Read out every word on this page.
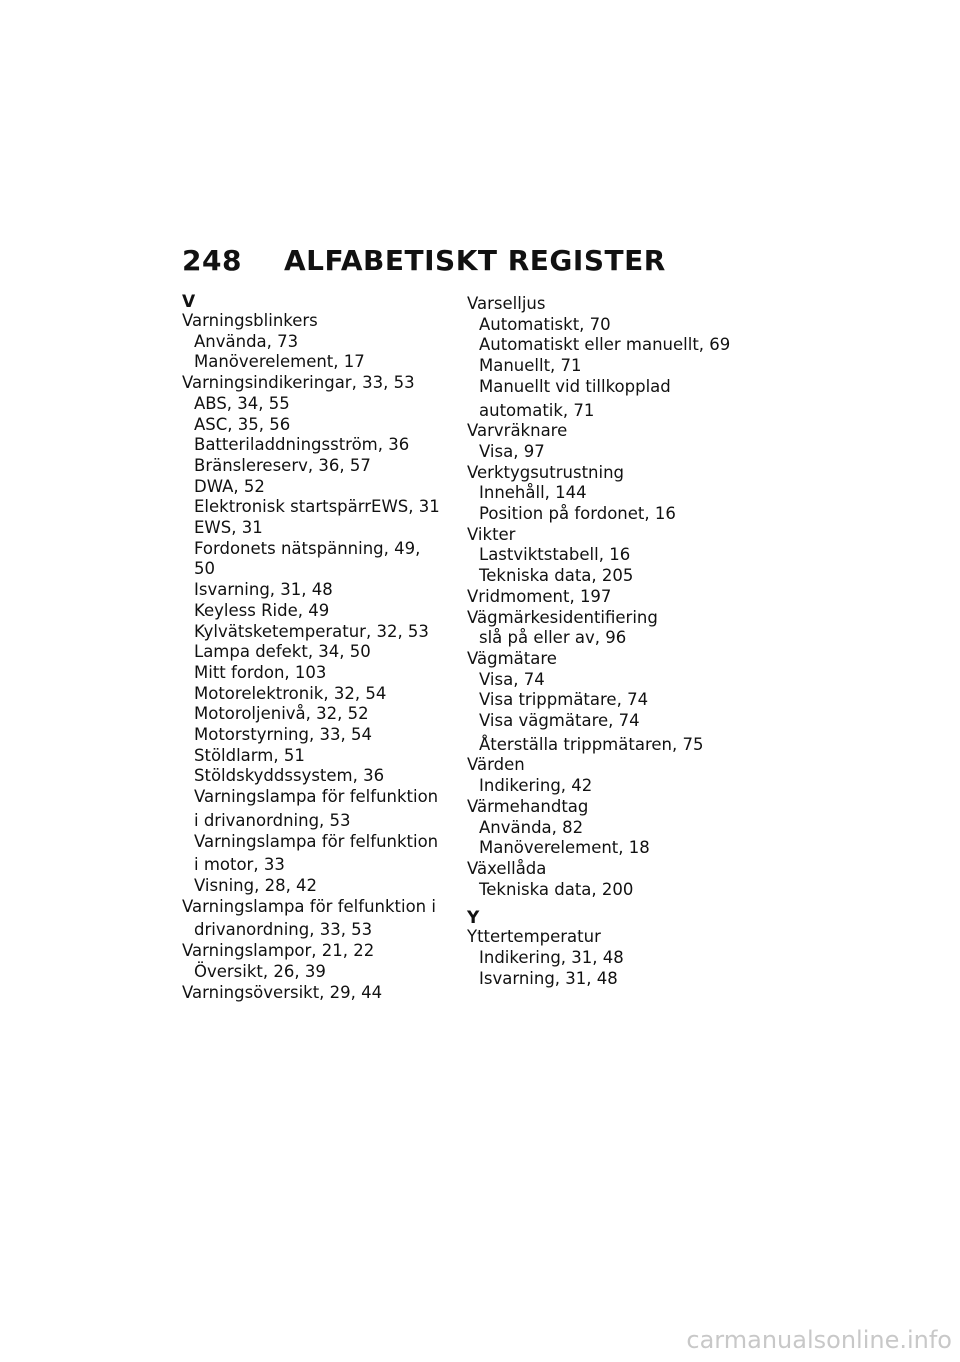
248 ALFABETISKT REGISTER
V
Varningsblinkers
Använda, 73
Manöverelement, 17
Varningsindikeringar, 33, 53
ABS, 34, 55
ASC, 35, 56
Batteriladdningsström, 36
Bränslereserv, 36, 57
DWA, 52
Elektronisk startspärrEWS, 31
EWS, 31
Fordonets nätspänning, 49,
50
Isvarning, 31, 48
Keyless Ride, 49
Kylvätsketemperatur, 32, 53
Lampa defekt, 34, 50
Mitt fordon, 103
Motorelektronik, 32, 54
Motoroljenivå, 32, 52
Motorstyrning, 33, 54
Stöldlarm, 51
Stöldskyddssystem, 36
Varningslampa för felfunktion
i drivanordning, 53
Varningslampa för felfunktion
i motor, 33
Visning, 28, 42
Varningslampa för felfunktion i
drivanordning, 33, 53
Varningslampor, 21, 22
Översikt, 26, 39
Varningsöversikt, 29, 44
Varselljus
Automatiskt, 70
Automatiskt eller manuellt, 69
Manuellt, 71
Manuellt vid tillkopplad
automatik, 71
Varvräknare
Visa, 97
Verktygsutrustning
Innehåll, 144
Position på fordonet, 16
Vikter
Lastviktstabell, 16
Tekniska data, 205
Vridmoment, 197
Vägmärkesidentifiering
slå på eller av, 96
Vägmätare
Visa, 74
Visa trippmätare, 74
Visa vägmätare, 74
Återställa trippmätaren, 75
Värden
Indikering, 42
Värmehandtag
Använda, 82
Manöverelement, 18
Växellåda
Tekniska data, 200
Y
Yttertemperatur
Indikering, 31, 48
Isvarning, 31, 48
carmanualsonline.info
